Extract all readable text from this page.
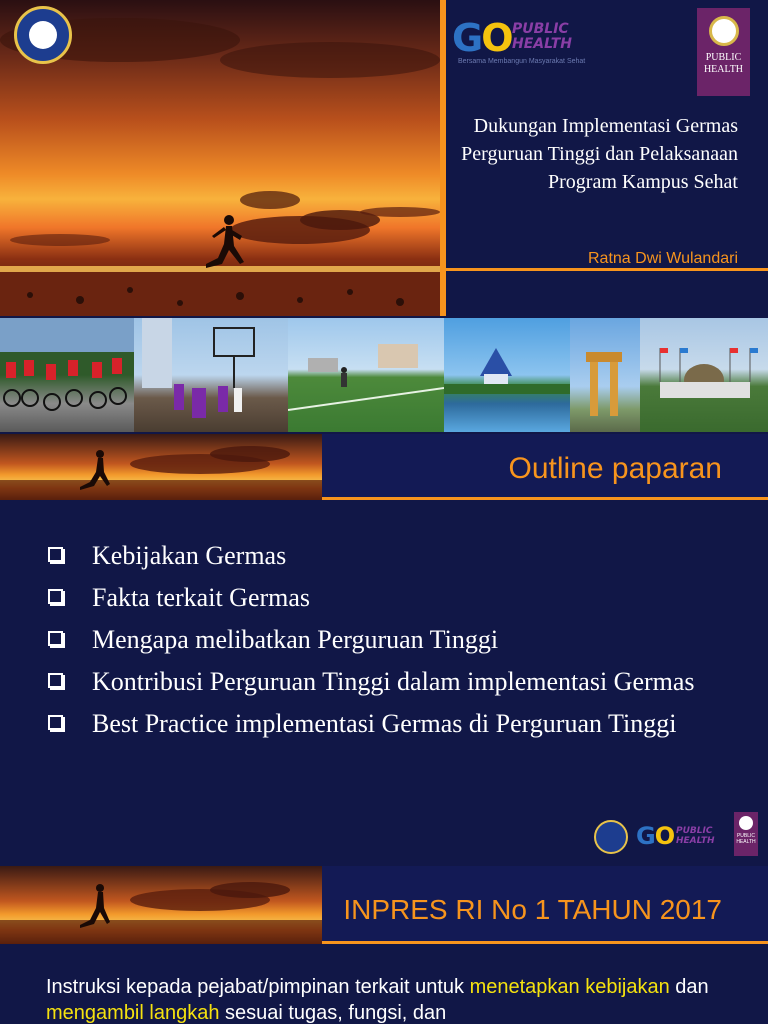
GO PUBLIC
HEALTH
Bersama Membangun Masyarakat Sehat	PUBLIC
HEALTH
Dukungan Implementasi Germas Perguruan Tinggi dan Pelaksanaan Program Kampus Sehat
Ratna Dwi Wulandari
Outline paparan
Kebijakan Germas
Fakta terkait Germas
Mengapa melibatkan Perguruan Tinggi
Kontribusi Perguruan Tinggi dalam implementasi Germas
Best Practice implementasi Germas di Perguruan Tinggi
GO PUBLIC
HEALTH	PUBLIC HEALTH
INPRES RI No 1 TAHUN 2017
Instruksi kepada pejabat/pimpinan terkait untuk menetapkan kebijakan dan mengambil langkah sesuai tugas, fungsi, dan
